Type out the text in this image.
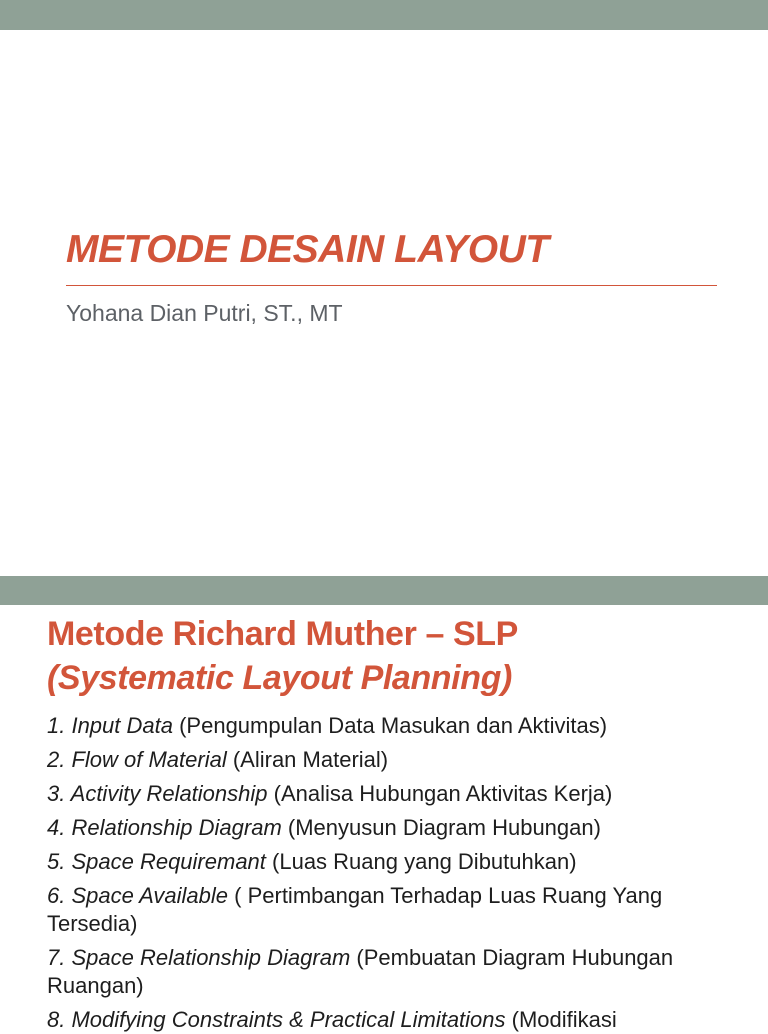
METODE DESAIN LAYOUT
Yohana Dian Putri, ST., MT
Metode Richard Muther – SLP
(Systematic Layout Planning)
1. Input Data (Pengumpulan Data Masukan dan Aktivitas)
2. Flow of Material (Aliran Material)
3. Activity Relationship (Analisa Hubungan Aktivitas Kerja)
4. Relationship Diagram (Menyusun Diagram Hubungan)
5. Space Requiremant (Luas Ruang yang Dibutuhkan)
6. Space Available ( Pertimbangan Terhadap Luas Ruang Yang Tersedia)
7. Space Relationship Diagram (Pembuatan Diagram Hubungan Ruangan)
8. Modifying Constraints & Practical Limitations (Modifikasi
